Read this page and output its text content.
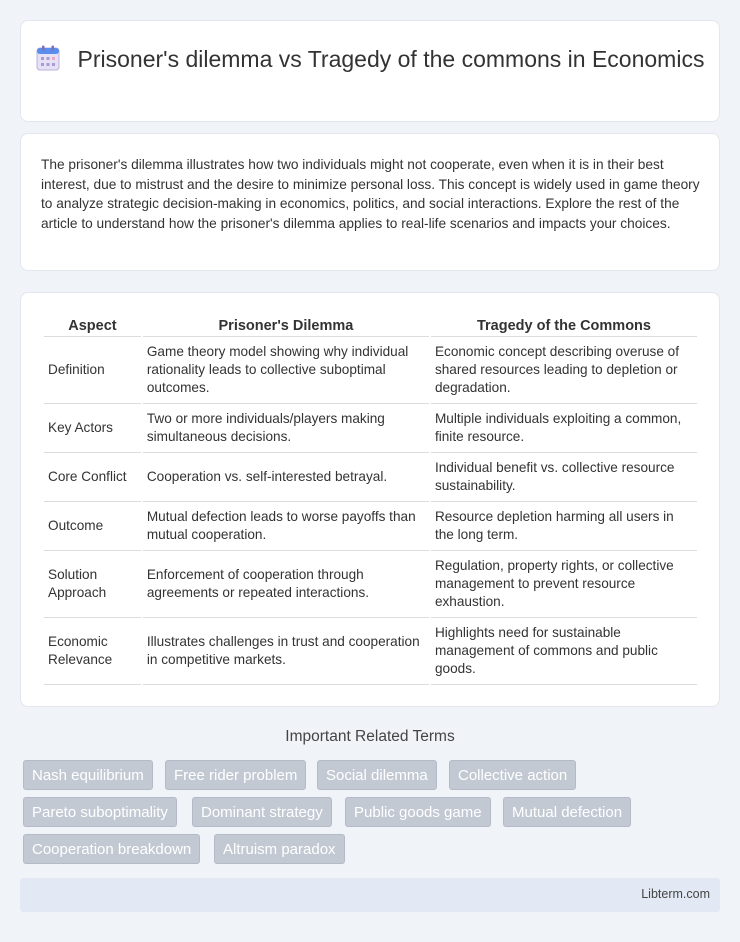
Prisoner's dilemma vs Tragedy of the commons in Economics

The prisoner's dilemma illustrates how two individuals might not cooperate, even when it is in their best interest, due to mistrust and the desire to minimize personal loss. This concept is widely used in game theory to analyze strategic decision-making in economics, politics, and social interactions. Explore the rest of the article to understand how the prisoner's dilemma applies to real-life scenarios and impacts your choices.

Aspect	Prisoner's Dilemma	Tragedy of the Commons
Definition	Game theory model showing why individual rationality leads to collective suboptimal outcomes.	Economic concept describing overuse of shared resources leading to depletion or degradation.
Key Actors	Two or more individuals/players making simultaneous decisions.	Multiple individuals exploiting a common, finite resource.
Core Conflict	Cooperation vs. self-interested betrayal.	Individual benefit vs. collective resource sustainability.
Outcome	Mutual defection leads to worse payoffs than mutual cooperation.	Resource depletion harming all users in the long term.
Solution Approach	Enforcement of cooperation through agreements or repeated interactions.	Regulation, property rights, or collective management to prevent resource exhaustion.
Economic Relevance	Illustrates challenges in trust and cooperation in competitive markets.	Highlights need for sustainable management of commons and public goods.
Important Related Terms
Nash equilibrium	Free rider problem	Social dilemma	Collective action
Pareto suboptimality	Dominant strategy	Public goods game	Mutual defection
Cooperation breakdown	Altruism paradox
Libterm.com
